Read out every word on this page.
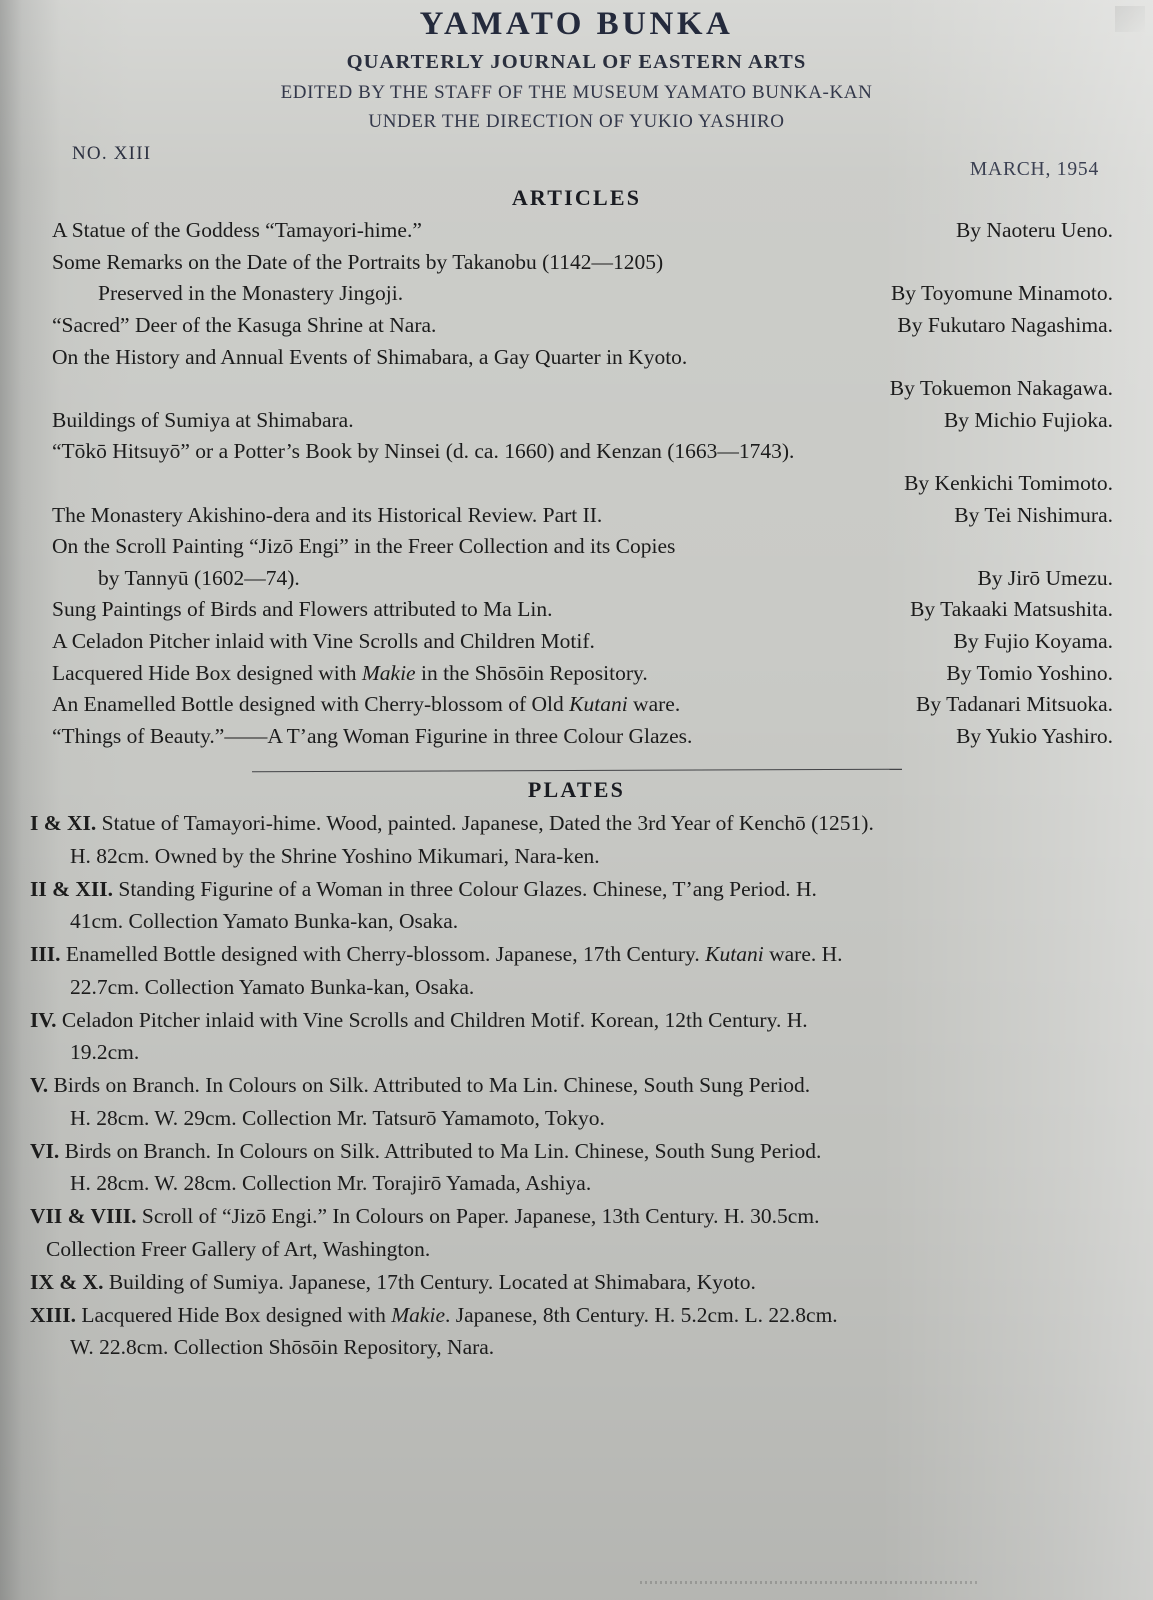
YAMATO BUNKA
QUARTERLY JOURNAL OF EASTERN ARTS
EDITED BY THE STAFF OF THE MUSEUM YAMATO BUNKA-KAN
UNDER THE DIRECTION OF YUKIO YASHIRO
NO. XIII
MARCH, 1954
ARTICLES
A Statue of the Goddess “Tamayori-hime.”	By Naoteru Ueno.
Some Remarks on the Date of the Portraits by Takanobu (1142—1205)
Preserved in the Monastery Jingoji.	By Toyomune Minamoto.
“Sacred” Deer of the Kasuga Shrine at Nara.	By Fukutaro Nagashima.
On the History and Annual Events of Shimabara, a Gay Quarter in Kyoto.
By Tokuemon Nakagawa.
Buildings of Sumiya at Shimabara.	By Michio Fujioka.
“Tōkō Hitsuyō” or a Potter’s Book by Ninsei (d. ca. 1660) and Kenzan (1663—1743).
By Kenkichi Tomimoto.
The Monastery Akishino-dera and its Historical Review. Part II.	By Tei Nishimura.
On the Scroll Painting “Jizō Engi” in the Freer Collection and its Copies
by Tannyū (1602—74).	By Jirō Umezu.
Sung Paintings of Birds and Flowers attributed to Ma Lin.	By Takaaki Matsushita.
A Celadon Pitcher inlaid with Vine Scrolls and Children Motif.	By Fujio Koyama.
Lacquered Hide Box designed with Makie in the Shōsōin Repository.	By Tomio Yoshino.
An Enamelled Bottle designed with Cherry-blossom of Old Kutani ware.	By Tadanari Mitsuoka.
“Things of Beauty.”——A T’ang Woman Figurine in three Colour Glazes.	By Yukio Yashiro.
PLATES
I & XI. Statue of Tamayori-hime. Wood, painted. Japanese, Dated the 3rd Year of Kenchō (1251).
H. 82cm. Owned by the Shrine Yoshino Mikumari, Nara-ken.
II & XII. Standing Figurine of a Woman in three Colour Glazes. Chinese, T’ang Period. H.
41cm. Collection Yamato Bunka-kan, Osaka.
III. Enamelled Bottle designed with Cherry-blossom. Japanese, 17th Century. Kutani ware. H.
22.7cm. Collection Yamato Bunka-kan, Osaka.
IV. Celadon Pitcher inlaid with Vine Scrolls and Children Motif. Korean, 12th Century. H.
19.2cm.
V. Birds on Branch. In Colours on Silk. Attributed to Ma Lin. Chinese, South Sung Period.
H. 28cm. W. 29cm. Collection Mr. Tatsurō Yamamoto, Tokyo.
VI. Birds on Branch. In Colours on Silk. Attributed to Ma Lin. Chinese, South Sung Period.
H. 28cm. W. 28cm. Collection Mr. Torajirō Yamada, Ashiya.
VII & VIII. Scroll of “Jizō Engi.” In Colours on Paper. Japanese, 13th Century. H. 30.5cm.
Collection Freer Gallery of Art, Washington.
IX & X. Building of Sumiya. Japanese, 17th Century. Located at Shimabara, Kyoto.
XIII. Lacquered Hide Box designed with Makie. Japanese, 8th Century. H. 5.2cm. L. 22.8cm.
W. 22.8cm. Collection Shōsōin Repository, Nara.
